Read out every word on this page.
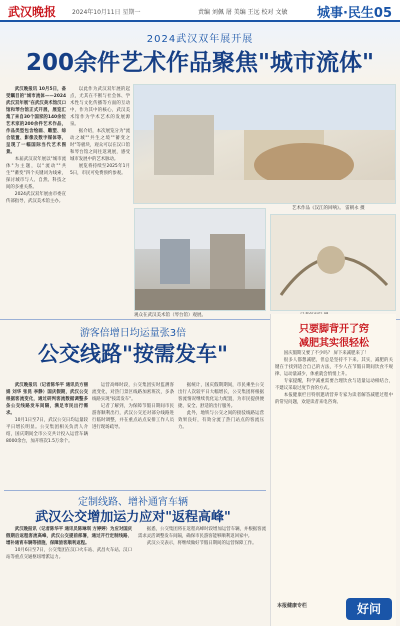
武汉晚报	2024年10月11日 星期一	责编 刘佩 屠 美编 王远 校对 文敏 城事·民生05
2024武汉双年展开展
200余件艺术作品聚焦"城市流体"

武汉晚报讯 10月5日，备受瞩目的"城市流体——2024武汉双年展"在武汉美术馆汉口馆和琴台馆正式开展，展览汇集了来自30个国家的140余位艺术家的200余件艺术作品，作品类型包含绘画、雕塑、综合装置、影像及数字媒体等，呈现了一幅国际当代艺术图景。

本届武汉双年展以"城市流体"为主题，以"流动""共生""蓄变"四个关键词为线索，探讨城市与人、自然、科技之间的多重关系。

2024武汉双年展由市委宣传部指导，武汉美术馆主办。

以此作为武汉双年展的起点，尤其在不断与社会体、学术性与文化传播等方面的互动中，作为其中的核心，武汉美术馆作为学术艺术的发展源泉。

据介绍，本次展览分为"流动之城""共生之境""蓄变之时"等板块，观众可以在汉口馆和琴台馆之间往返观展，感受城市发展中的艺术脉动。

展览将持续至2025年1月5日，市民可免费预约参观。

艺术作品《汉江的回响》。 雷朝永 摄
观众在武汉美术馆（琴台馆）观展。
游客倍增日均运量张3倍
公交线路"按需发车"

武汉晚报讯（记者陈华平 通讯员方丽娟 刘华 张昆 李静）国庆假期，武汉公交根据客流变化，通过研判客流数据调整多条公交线路发车间隔，满足市民出行需求。

10月1日至7日，武汉公交日均运量较平日增长明显。公交集团相关负责人介绍，国庆期间全市公交共计投入运营车辆8000余台，加开班次1.5万余个。

运营高峰时段，公交集团实时监测客流变化，对热门景区线路加密班次，多条线路实现"按需发车"。

记者了解到，为保障节假日期间市民游客顺利出行，武汉公交还对部分线路进行临时调整，并在重点站点安排工作人员进行现场疏导。

据统计，国庆假期期间，市民乘坐公交出行人次较平日大幅增长，公交集团将根据客流情况继续优化运力配置，为市民提供便捷、安全、舒适的出行服务。

此外，地铁与公交之间的接驳线路运营效果良好，有效分流了热门站点的客流压力。

定制线路、增补通宵车辆
武汉公交增加运力应对"返程高峰"

武汉晚报讯（记者陈华平 通讯员陈琳琪 方婷婷）为应对国庆假期后返程客流高峰，武汉公交提前部署，通过开行定制线路、增补通宵车辆等措施，保障旅客顺利返程。

10月6日至7日，公交集团在汉口火车站、武昌火车站、汉口站等重点交通枢纽增派运力。

据悉，公交集团将在返程高峰时段增加运营车辆，并根据客流需求灵活调整发车间隔，确保市民游客能够顺利返回家中。

武汉公交表示，将继续做好节假日期间的运营保障工作。

只要脚背开了窍
减肥其实很轻松

国庆假期又要了不少吗？ 屏下来减肥来了！

很多人都想减肥，但总是坚持不下来。其实，减肥的关键在于找到适合自己的方法，不少人在节假日期间饮食不规律、运动量减少，体重就会悄悄上升。

专家提醒，科学减重需要合理饮食与适量运动相结合，不建议采取过度节食的方式。

本报健康栏目特别邀请营养专家为读者解答减肥过程中的常见问题，欢迎读者来电咨询。

本报健康专栏	好问
